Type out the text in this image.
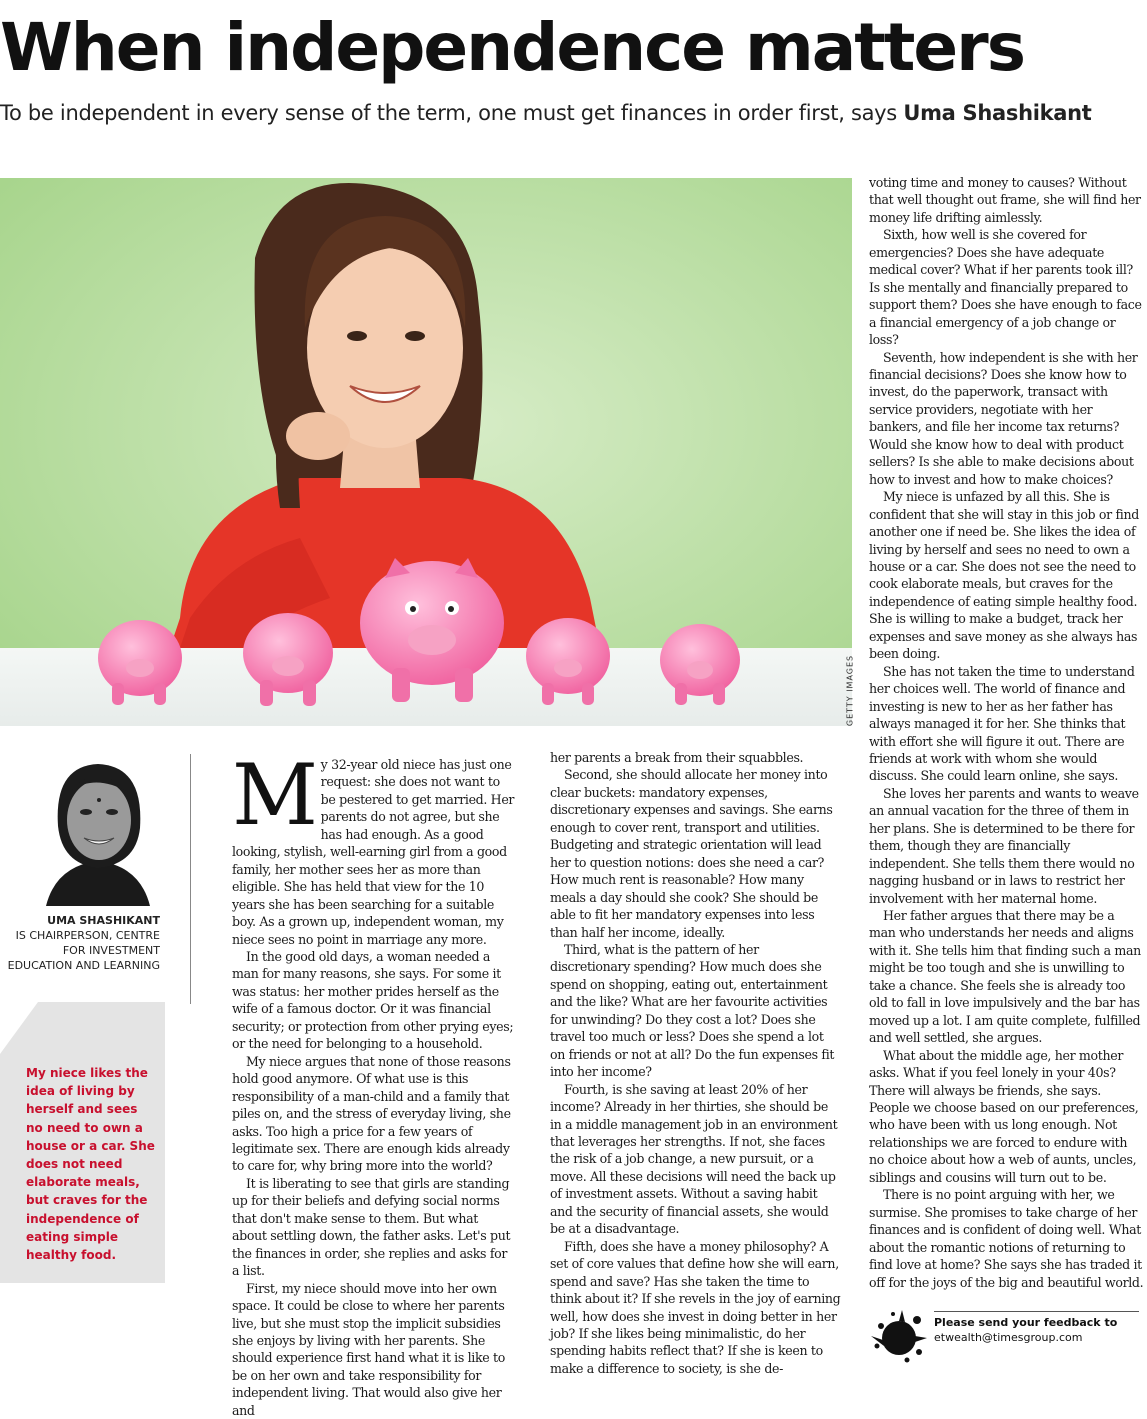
When independence matters
To be independent in every sense of the term, one must get finances in order first, says Uma Shashikant
GETTY IMAGES
UMA SHASHIKANT
IS CHAIRPERSON, CENTRE
FOR INVESTMENT
EDUCATION AND LEARNING
My niece likes the idea of living by herself and sees no need to own a house or a car. She does not need elaborate meals, but craves for the independence of eating simple healthy food.

My 32-year old niece has just one request: she does not want to be pestered to get married. Her parents do not agree, but she has had enough. As a good looking, stylish, well-earning girl from a good family, her mother sees her as more than eligible. She has held that view for the 10 years she has been searching for a suitable boy. As a grown up, independent woman, my niece sees no point in marriage any more.

In the good old days, a woman needed a man for many reasons, she says. For some it was status: her mother prides herself as the wife of a famous doctor. Or it was financial security; or protection from other prying eyes; or the need for belonging to a household.

My niece argues that none of those reasons hold good anymore. Of what use is this responsibility of a man-child and a family that piles on, and the stress of everyday living, she asks. Too high a price for a few years of legitimate sex. There are enough kids already to care for, why bring more into the world?

It is liberating to see that girls are standing up for their beliefs and defying social norms that don't make sense to them. But what about settling down, the father asks. Let's put the finances in order, she replies and asks for a list.

First, my niece should move into her own space. It could be close to where her parents live, but she must stop the implicit subsidies she enjoys by living with her parents. She should experience first hand what it is like to be on her own and take responsibility for independent living. That would also give her and

her parents a break from their squabbles.

Second, she should allocate her money into clear buckets: mandatory expenses, discretionary expenses and savings. She earns enough to cover rent, transport and utilities. Budgeting and strategic orientation will lead her to question notions: does she need a car? How much rent is reasonable? How many meals a day should she cook? She should be able to fit her mandatory expenses into less than half her income, ideally.

Third, what is the pattern of her discretionary spending? How much does she spend on shopping, eating out, entertainment and the like? What are her favourite activities for unwinding? Do they cost a lot? Does she travel too much or less? Does she spend a lot on friends or not at all? Do the fun expenses fit into her income?

Fourth, is she saving at least 20% of her income? Already in her thirties, she should be in a middle management job in an environment that leverages her strengths. If not, she faces the risk of a job change, a new pursuit, or a move. All these decisions will need the back up of investment assets. Without a saving habit and the security of financial assets, she would be at a disadvantage.

Fifth, does she have a money philosophy? A set of core values that define how she will earn, spend and save? Has she taken the time to think about it? If she revels in the joy of earning well, how does she invest in doing better in her job? If she likes being minimalistic, do her spending habits reflect that? If she is keen to make a difference to society, is she de-

voting time and money to causes? Without that well thought out frame, she will find her money life drifting aimlessly.

Sixth, how well is she covered for emergencies? Does she have adequate medical cover? What if her parents took ill? Is she mentally and financially prepared to support them? Does she have enough to face a financial emergency of a job change or loss?

Seventh, how independent is she with her financial decisions? Does she know how to invest, do the paperwork, transact with service providers, negotiate with her bankers, and file her income tax returns? Would she know how to deal with product sellers? Is she able to make decisions about how to invest and how to make choices?

My niece is unfazed by all this. She is confident that she will stay in this job or find another one if need be. She likes the idea of living by herself and sees no need to own a house or a car. She does not see the need to cook elaborate meals, but craves for the independence of eating simple healthy food. She is willing to make a budget, track her expenses and save money as she always has been doing.

She has not taken the time to understand her choices well. The world of finance and investing is new to her as her father has always managed it for her. She thinks that with effort she will figure it out. There are friends at work with whom she would discuss. She could learn online, she says.

She loves her parents and wants to weave an annual vacation for the three of them in her plans. She is determined to be there for them, though they are financially independent. She tells them there would no nagging husband or in laws to restrict her involvement with her maternal home.

Her father argues that there may be a man who understands her needs and aligns with it. She tells him that finding such a man might be too tough and she is unwilling to take a chance. She feels she is already too old to fall in love impulsively and the bar has moved up a lot. I am quite complete, fulfilled and well settled, she argues.

What about the middle age, her mother asks. What if you feel lonely in your 40s? There will always be friends, she says. People we choose based on our preferences, who have been with us long enough. Not relationships we are forced to endure with no choice about how a web of aunts, uncles, siblings and cousins will turn out to be.

There is no point arguing with her, we surmise. She promises to take charge of her finances and is confident of doing well. What about the romantic notions of returning to find love at home? She says she has traded it off for the joys of the big and beautiful world.

Please send your feedback to
etwealth@timesgroup.com
